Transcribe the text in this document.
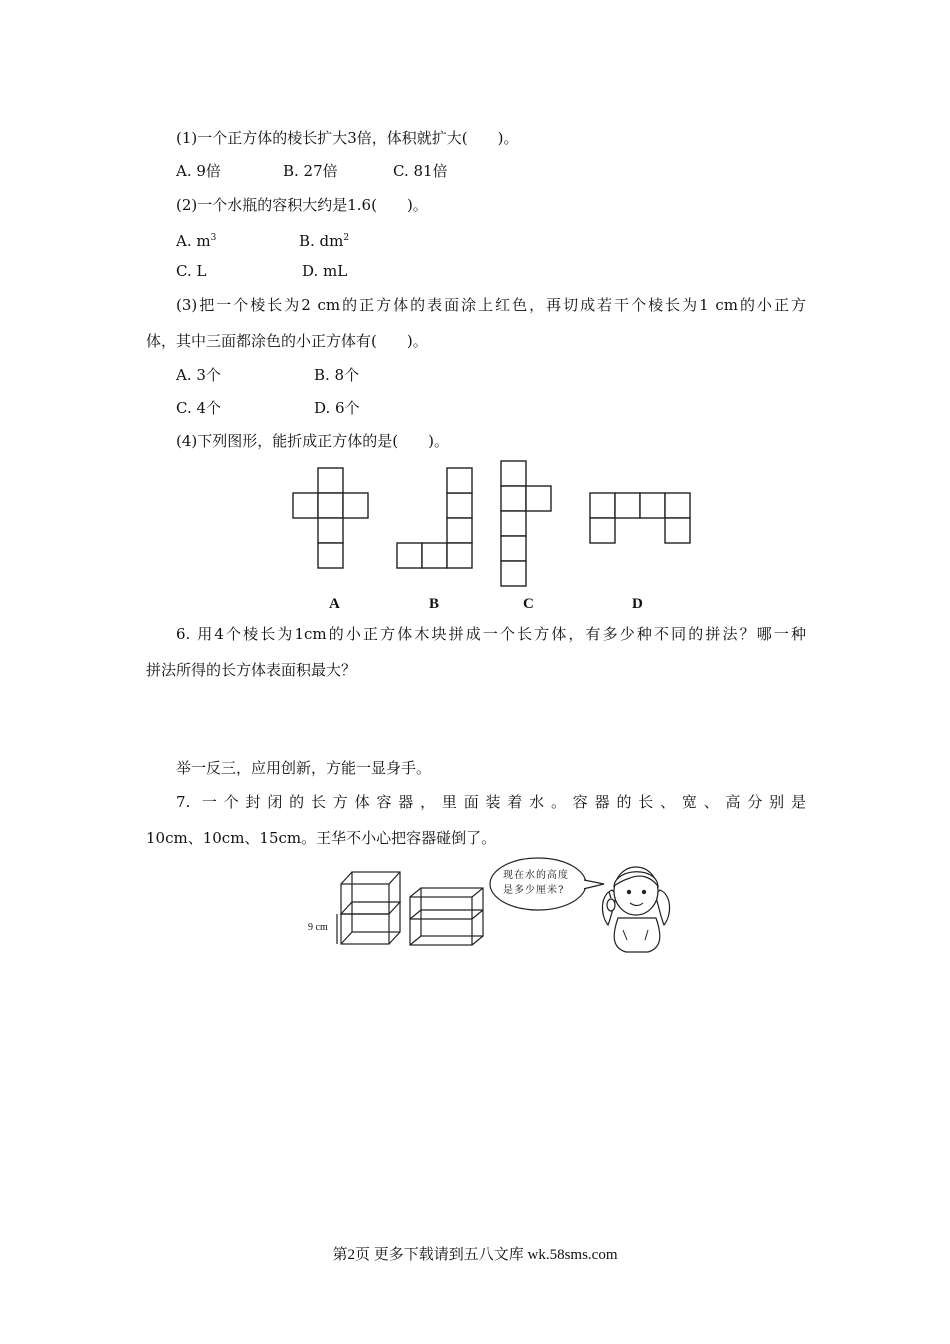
(1)一个正方体的棱长扩大3倍，体积就扩大(　　)。
A. 9倍	B. 27倍	C. 81倍
(2)一个水瓶的容积大约是1.6(　　)。
A. $m^3$	B. $dm^2$
C. L	D. mL
(3)把一个棱长为2 cm的正方体的表面涂上红色，再切成若干个棱长为1 cm的小正方
体，其中三面都涂色的小正方体有(　　)。
A. 3个	B. 8个
C. 4个	D. 6个
(4)下列图形，能折成正方体的是(　　)。
A	B	C	D
6. 用4个棱长为1cm的小正方体木块拼成一个长方体，有多少种不同的拼法？哪一种
拼法所得的长方体表面积最大？
举一反三，应用创新，方能一显身手。
7. 一个封闭的长方体容器，里面装着水。容器的长、宽、高分别是
10cm、10cm、15cm。王华不小心把容器碰倒了。
9 cm
现在水的高度
是多少厘米?
第2页 更多下载请到五八文库 wk.58sms.com
